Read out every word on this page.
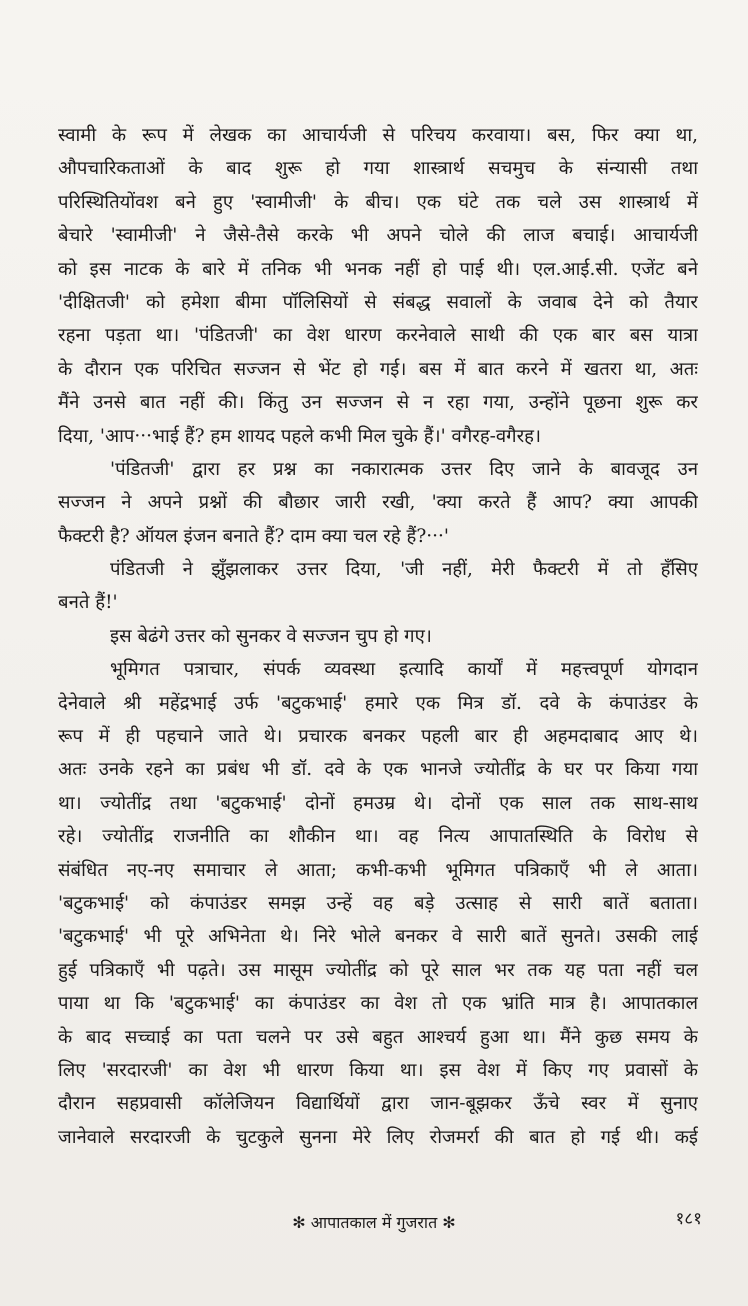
स्वामी के रूप में लेखक का आचार्यजी से परिचय करवाया। बस, फिर क्या था,
औपचारिकताओं के बाद शुरू हो गया शास्त्रार्थ सचमुच के संन्यासी तथा
परिस्थितियोंवश बने हुए 'स्वामीजी' के बीच। एक घंटे तक चले उस शास्त्रार्थ में
बेचारे 'स्वामीजी' ने जैसे-तैसे करके भी अपने चोले की लाज बचाई। आचार्यजी
को इस नाटक के बारे में तनिक भी भनक नहीं हो पाई थी। एल.आई.सी. एजेंट बने
'दीक्षितजी' को हमेशा बीमा पॉलिसियों से संबद्ध सवालों के जवाब देने को तैयार
रहना पड़ता था। 'पंडितजी' का वेश धारण करनेवाले साथी की एक बार बस यात्रा
के दौरान एक परिचित सज्जन से भेंट हो गई। बस में बात करने में खतरा था, अतः
मैंने उनसे बात नहीं की। किंतु उन सज्जन से न रहा गया, उन्होंने पूछना शुरू कर
दिया, 'आप···भाई हैं? हम शायद पहले कभी मिल चुके हैं।' वगैरह-वगैरह।
'पंडितजी' द्वारा हर प्रश्न का नकारात्मक उत्तर दिए जाने के बावजूद उन
सज्जन ने अपने प्रश्नों की बौछार जारी रखी, 'क्या करते हैं आप? क्या आपकी
फैक्टरी है? ऑयल इंजन बनाते हैं? दाम क्या चल रहे हैं?···'
पंडितजी ने झुँझलाकर उत्तर दिया, 'जी नहीं, मेरी फैक्टरी में तो हँसिए
बनते हैं!'
इस बेढंगे उत्तर को सुनकर वे सज्जन चुप हो गए।
भूमिगत पत्राचार, संपर्क व्यवस्था इत्यादि कार्यों में महत्त्वपूर्ण योगदान
देनेवाले श्री महेंद्रभाई उर्फ 'बटुकभाई' हमारे एक मित्र डॉ. दवे के कंपाउंडर के
रूप में ही पहचाने जाते थे। प्रचारक बनकर पहली बार ही अहमदाबाद आए थे।
अतः उनके रहने का प्रबंध भी डॉ. दवे के एक भानजे ज्योतींद्र के घर पर किया गया
था। ज्योतींद्र तथा 'बटुकभाई' दोनों हमउम्र थे। दोनों एक साल तक साथ-साथ
रहे। ज्योतींद्र राजनीति का शौकीन था। वह नित्य आपातस्थिति के विरोध से
संबंधित नए-नए समाचार ले आता; कभी-कभी भूमिगत पत्रिकाएँ भी ले आता।
'बटुकभाई' को कंपाउंडर समझ उन्हें वह बड़े उत्साह से सारी बातें बताता।
'बटुकभाई' भी पूरे अभिनेता थे। निरे भोले बनकर वे सारी बातें सुनते। उसकी लाई
हुई पत्रिकाएँ भी पढ़ते। उस मासूम ज्योतींद्र को पूरे साल भर तक यह पता नहीं चल
पाया था कि 'बटुकभाई' का कंपाउंडर का वेश तो एक भ्रांति मात्र है। आपातकाल
के बाद सच्चाई का पता चलने पर उसे बहुत आश्चर्य हुआ था। मैंने कुछ समय के
लिए 'सरदारजी' का वेश भी धारण किया था। इस वेश में किए गए प्रवासों के
दौरान सहप्रवासी कॉलेजियन विद्यार्थियों द्वारा जान-बूझकर ऊँचे स्वर में सुनाए
जानेवाले सरदारजी के चुटकुले सुनना मेरे लिए रोजमर्रा की बात हो गई थी। कई
✻ आपातकाल में गुजरात ✻	१८१
